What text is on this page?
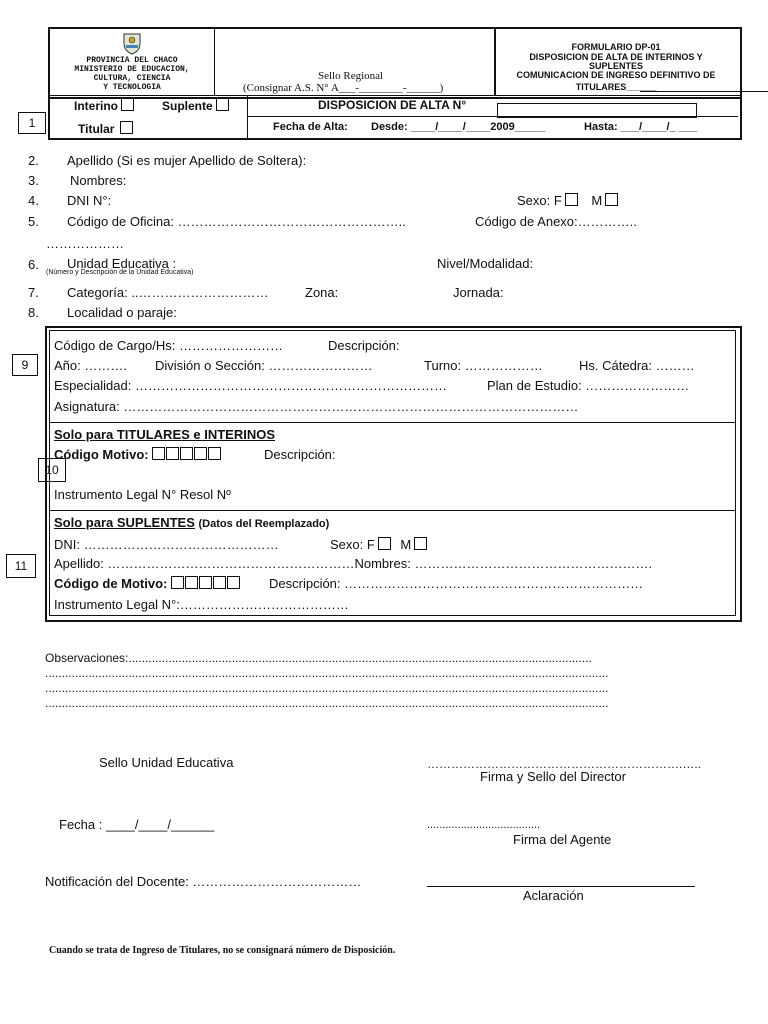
PROVINCIA DEL CHACO
MINISTERIO DE EDUCACION,
CULTURA, CIENCIA
Y TECNOLOGIA
Sello Regional
(Consignar A.S. N° A___-________-______)
FORMULARIO DP-01
DISPOSICION DE ALTA DE INTERINOS Y
SUPLENTES
COMUNICACION DE INGRESO DEFINITIVO DE
TITULARES______
1
Interino	Suplente
Titular
DISPOSICION DE ALTA N°
Fecha de Alta: Desde: ____/____/____2009_____	Hasta: ___/____/_ ___
2. Apellido (Si es mujer Apellido de Soltera):
3. Nombres:
4. DNI N°:	Sexo: F M
5. Código de Oficina: ……………………………………………..	Código de Anexo:…………..
………………
6. Unidad Educativa :
(Número y Descripción de la Unidad Educativa)
Nivel/Modalidad:
7. Categoría: ..…………………………	Zona:	Jornada:
8. Localidad o paraje:
9
Código de Cargo/Hs: ……………………	Descripción:
Año: ………. División o Sección: ……………………	Turno: ………………	Hs. Cátedra: ………
Especialidad: ………………………………………………………………	Plan de Estudio: ……………………
Asignatura: ……………………………………………………………………………………………
Solo para TITULARES e INTERINOS
Código Motivo:	Descripción:
10
Instrumento Legal N° Resol Nº
Solo para SUPLENTES (Datos del Reemplazado)
DNI: ………………………………………	Sexo: F M
11	Apellido: …………………………………………………Nombres: ……………………………………………….
Código de Motivo:	Descripción: ……………………………………………………………
Instrumento Legal N°:…………………………………
Observaciones:...........................................................................................................................................
.........................................................................................................................................................................
.........................................................................................................................................................................
.........................................................................................................................................................................
Sello Unidad Educativa	……………………………………………………….…..
Firma y Sello del Director
Fecha : ____/____/______	.....................................
Firma del Agente
Notificación del Docente: …………………………………
Aclaración
Cuando se trata de Ingreso de Titulares, no se consignará número de Disposición.
